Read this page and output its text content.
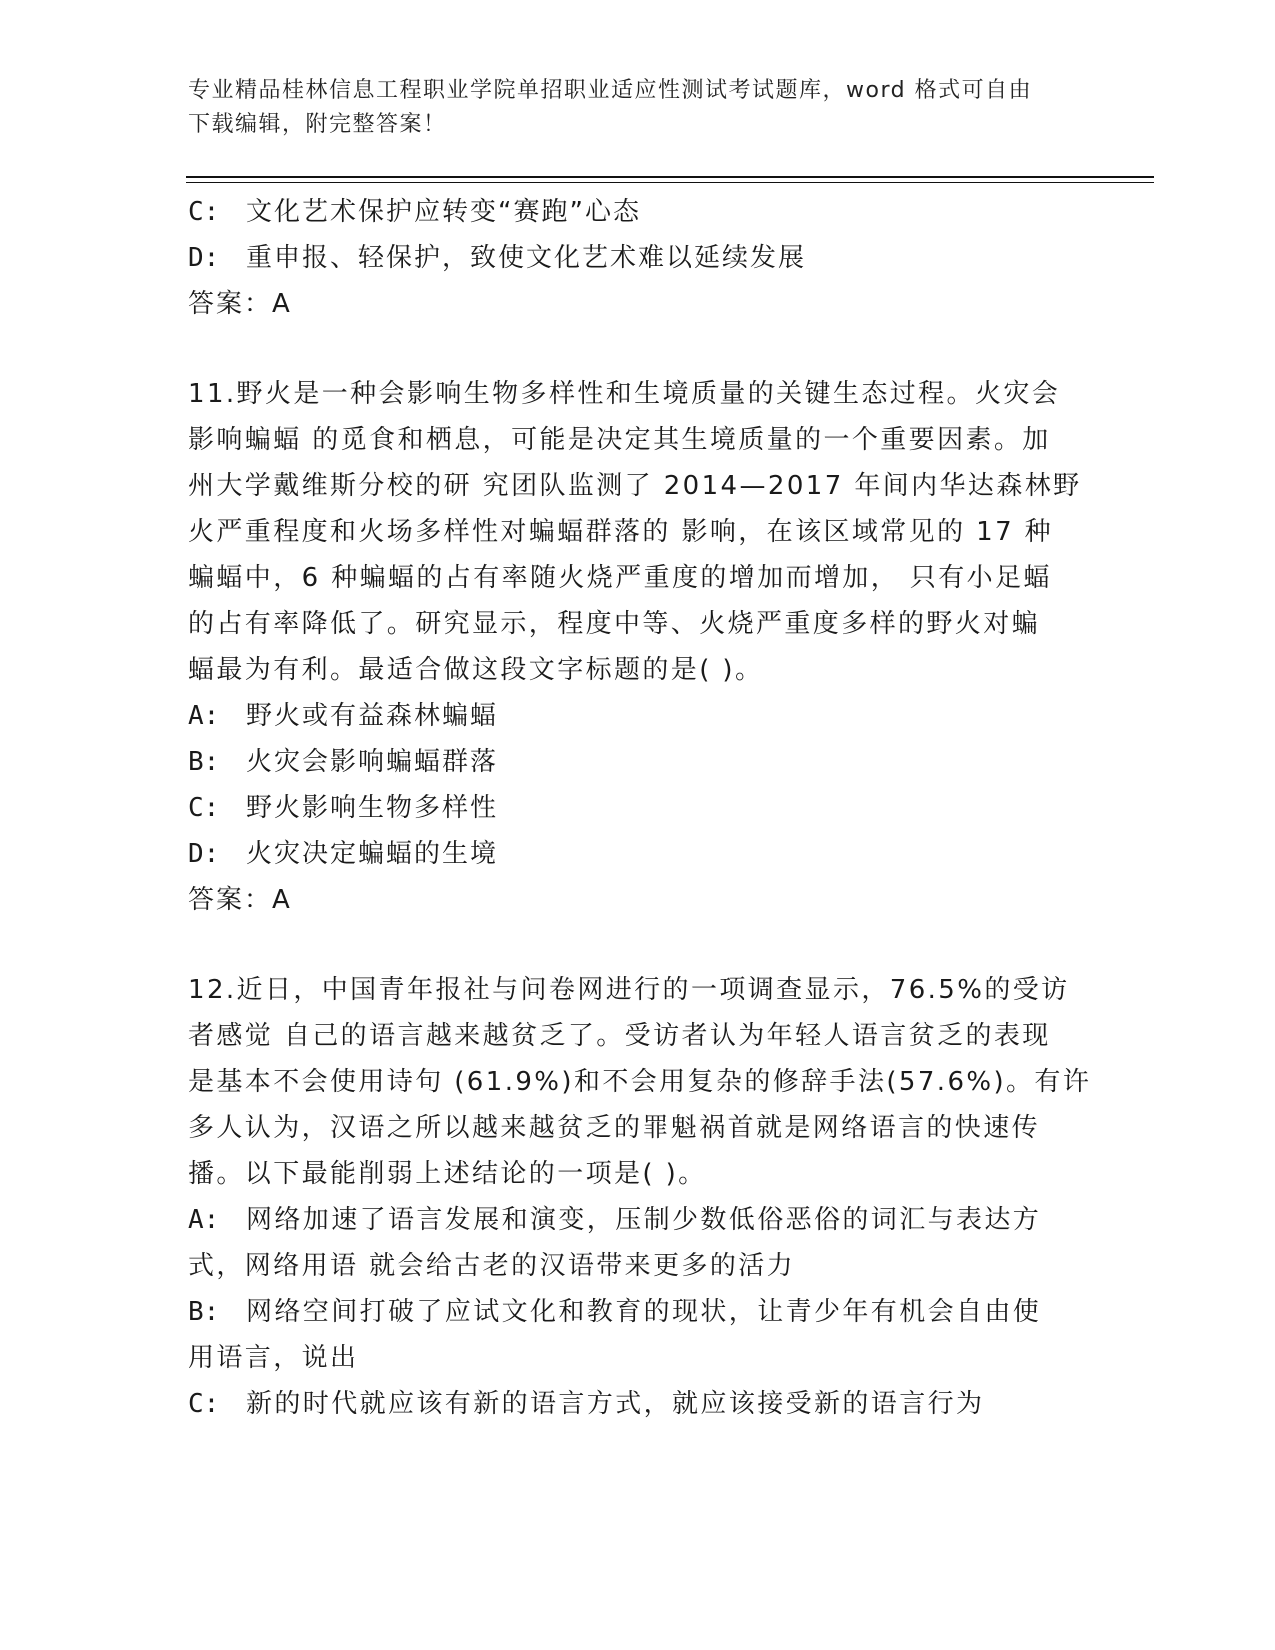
专业精品桂林信息工程职业学院单招职业适应性测试考试题库，word 格式可自由
下载编辑，附完整答案！
C: 文化艺术保护应转变“赛跑”心态
D: 重申报、轻保护，致使文化艺术难以延续发展
答案：A
11.野火是一种会影响生物多样性和生境质量的关键生态过程。火灾会
影响蝙蝠 的觅食和栖息，可能是决定其生境质量的一个重要因素。加
州大学戴维斯分校的研 究团队监测了 2014—2017 年间内华达森林野
火严重程度和火场多样性对蝙蝠群落的 影响，在该区域常见的 17 种
蝙蝠中，6 种蝙蝠的占有率随火烧严重度的增加而增加， 只有小足蝠
的占有率降低了。研究显示，程度中等、火烧严重度多样的野火对蝙
蝠最为有利。最适合做这段文字标题的是( )。
A: 野火或有益森林蝙蝠
B: 火灾会影响蝙蝠群落
C: 野火影响生物多样性
D: 火灾决定蝙蝠的生境
答案：A
12.近日，中国青年报社与问卷网进行的一项调查显示，76.5%的受访
者感觉 自己的语言越来越贫乏了。受访者认为年轻人语言贫乏的表现
是基本不会使用诗句 (61.9%)和不会用复杂的修辞手法(57.6%)。有许
多人认为，汉语之所以越来越贫乏的罪魁祸首就是网络语言的快速传
播。以下最能削弱上述结论的一项是( )。
A: 网络加速了语言发展和演变，压制少数低俗恶俗的词汇与表达方
式，网络用语 就会给古老的汉语带来更多的活力
B: 网络空间打破了应试文化和教育的现状，让青少年有机会自由使
用语言，说出
C: 新的时代就应该有新的语言方式，就应该接受新的语言行为
